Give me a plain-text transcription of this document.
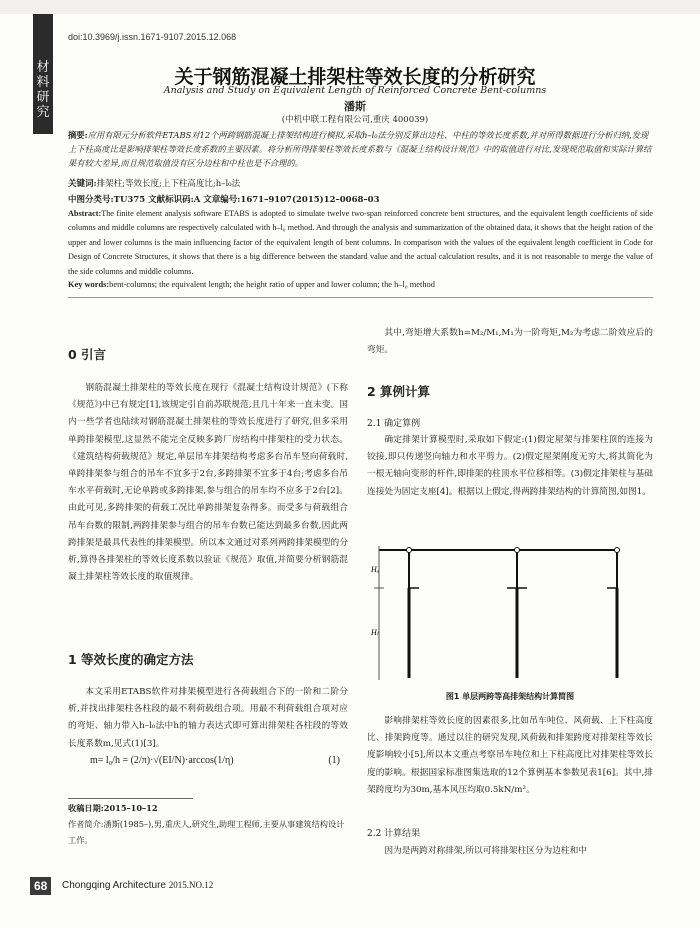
材料研究
doi:10.3969/j.issn.1671-9107.2015.12.068
关于钢筋混凝土排架柱等效长度的分析研究
Analysis and Study on Equivalent Length of Reinforced Concrete Bent-columns
潘斯
(中机中联工程有限公司,重庆 400039)
摘要:应用有限元分析软件ETABS对12个两跨钢筋混凝土排架结构进行模拟,采取h–l₀法分别反算出边柱、中柱的等效长度系数,并对所得数据进行分析归纳,发现上下柱高度比是影响排架柱等效长度系数的主要因素。将分析所得排架柱等效长度系数与《混凝土结构设计规范》中的取值进行对比,发现规范取值和实际计算结果有较大差异,而且规范取值没有区分边柱和中柱也是不合理的。
关键词:排架柱;等效长度;上下柱高度比;h–l₀法
中图分类号:TU375 文献标识码:A 文章编号:1671–9107(2015)12–0068–03
Abstract:The finite element analysis software ETABS is adopted to simulate twelve two-span reinforced concrete bent structures, and the equivalent length coefficients of side columns and middle columns are respectively calculated with h–l₀ method. And through the analysis and summarization of the obtained data, it shows that the height ration of the upper and lower columns is the main influencing factor of the equivalent length of bent columns. In comparison with the values of the equivalent length coefficient in Code for Design of Concrete Structures, it shows that there is a big difference between the standard value and the actual calculation results, and it is not reasonable to merge the value of the side columns and middle columns.
Key words:bent-columns; the equivalent length; the height ratio of upper and lower column; the h–l₀ method
0 引言
钢筋混凝土排架柱的等效长度在现行《混凝土结构设计规范》(下称《规范》)中已有规定[1],该规定引自前苏联规范,且几十年来一直未变。国内一些学者也陆续对钢筋混凝土排架柱的等效长度进行了研究,但多采用单跨排架模型,这显然不能完全反映多跨厂房结构中排架柱的受力状态。《建筑结构荷载规范》规定,单层吊车排架结构考虑多台吊车竖向荷载时,单跨排架参与组合的吊车不宜多于2台,多跨排架不宜多于4台;考虑多台吊车水平荷载时,无论单跨或多跨排架,参与组合的吊车均不应多于2台[2]。由此可见,多跨排架的荷载工况比单跨排架复杂得多。而受多与荷载组合吊车台数的限制,两跨排架参与组合的吊车台数已能达到最多台数,因此两跨排架是最具代表性的排架模型。所以本文通过对系列两跨排架模型的分析,算得各排架柱的等效长度系数以验证《规范》取值,并简要分析钢筋混凝土排架柱等效长度的取值规律。
1 等效长度的确定方法
本文采用ETABS软件对排架模型进行各荷载组合下的一阶和二阶分析,并找出排架柱各柱段的最不利荷载组合项。用最不利荷载组合项对应的弯矩、轴力带入h–l₀法中h的轴力表达式即可算出排架柱各柱段的等效长度系数m,见式(1)[3]。
m= l₀/h = (2/π)·√(EI/N)·arccos(1/η)	(1)
收稿日期:2015–10–12
作者简介:潘斯(1985–),男,重庆人,研究生,助理工程师,主要从事建筑结构设计工作。
其中,弯矩增大系数h=M₂/M₁,M₁为一阶弯矩,M₂为考虑二阶效应后的弯矩。
2 算例计算
2.1 确定算例
确定排架计算模型时,采取如下假定:(1)假定屋架与排架柱顶的连接为铰接,即只传递竖向轴力和水平剪力。(2)假定屋架刚度无穷大,将其简化为一根无轴向变形的杆件,即排架的柱顶水平位移相等。(3)假定排架柱与基础连接处为固定支座[4]。根据以上假定,得两跨排架结构的计算简图,如图1。
Hᵤ
Hₗ
图1 单层两跨等高排架结构计算简图
影响排架柱等效长度的因素很多,比如吊车吨位、风荷载、上下柱高度比、排架跨度等。通过以往的研究发现,风荷载和排架跨度对排架柱等效长度影响较小[5],所以本文重点考察吊车吨位和上下柱高度比对排架柱等效长度的影响。根据国家标准图集选取的12个算例基本参数见表1[6]。其中,排架跨度均为30m,基本风压均取0.5kN/m²。
2.2 计算结果
因为是两跨对称排架,所以可将排架柱区分为边柱和中
68	Chongqing Architecture 2015.NO.12
